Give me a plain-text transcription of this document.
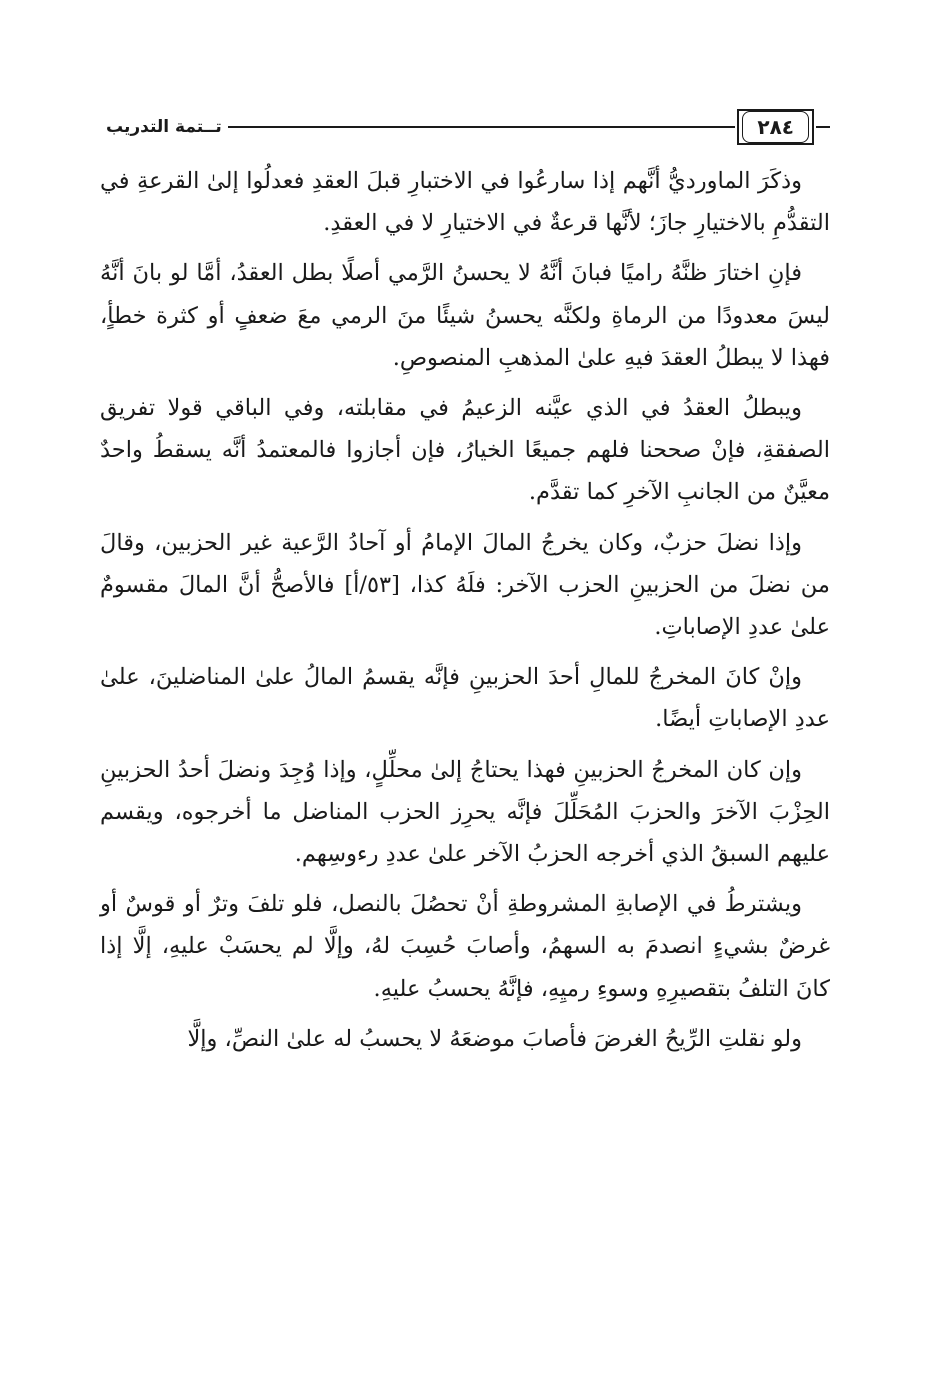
تــتمة التدريب	٢٨٤

وذكَرَ الماورديُّ أنَّهم إذا سارعُوا في الاختبارِ قبلَ العقدِ فعدلُوا إلىٰ القرعةِ في التقدُّمِ بالاختيارِ جازَ؛ لأنَّها قرعةٌ في الاختيارِ لا في العقدِ.

فإنِ اختارَ ظنَّهُ راميًا فبانَ أنَّهُ لا يحسنُ الرَّمي أصلًا بطل العقدُ، أمَّا لو بانَ أنَّهُ ليسَ معدودًا من الرماةِ ولكنَّه يحسنُ شيئًا منَ الرمي معَ ضعفٍ أو كثرة خطأٍ، فهذا لا يبطلُ العقدَ فيهِ علىٰ المذهبِ المنصوصِ.

ويبطلُ العقدُ في الذي عيَّنه الزعيمُ في مقابلته، وفي الباقي قولا تفريق الصفقةِ، فإنْ صححنا فلهم جميعًا الخيارُ، فإن أجازوا فالمعتمدُ أنَّه يسقطُ واحدٌ معيَّنٌ من الجانبِ الآخرِ كما تقدَّم.

وإذا نضلَ حزبٌ، وكان يخرجُ المالَ الإمامُ أو آحادُ الرَّعية غير الحزبين، وقالَ من نضلَ من الحزبينِ الحزب الآخر: فلَهُ كذا، [٥٣/أ] فالأصحُّ أنَّ المالَ مقسومٌ علىٰ عددِ الإصاباتِ.

وإنْ كانَ المخرجُ للمالِ أحدَ الحزبينِ فإنَّه يقسمُ المالُ علىٰ المناضلينَ، علىٰ عددِ الإصاباتِ أيضًا.

وإن كان المخرجُ الحزبينِ فهذا يحتاجُ إلىٰ محلِّلٍ، وإذا وُجِدَ ونضلَ أحدُ الحزبينِ الحِزْبَ الآخرَ والحزبَ المُحَلِّلَ فإنَّه يحرِز الحزب المناضل ما أخرجوه، ويقسم عليهم السبقُ الذي أخرجه الحزبُ الآخر علىٰ عددِ رءوسِهم.

ويشترطُ في الإصابةِ المشروطةِ أنْ تحصُلَ بالنصل، فلو تلفَ وترٌ أو قوسٌ أو غرضٌ بشيءٍ انصدمَ به السهمُ، وأصابَ حُسِبَ لهُ، وإلَّا لم يحسَبْ عليهِ، إلَّا إذا كانَ التلفُ بتقصيرِهِ وسوءِ رميِهِ، فإنَّهُ يحسبُ عليهِ.

ولو نقلتِ الرِّيحُ الغرضَ فأصابَ موضعَهُ لا يحسبُ له علىٰ النصِّ، وإلَّا
